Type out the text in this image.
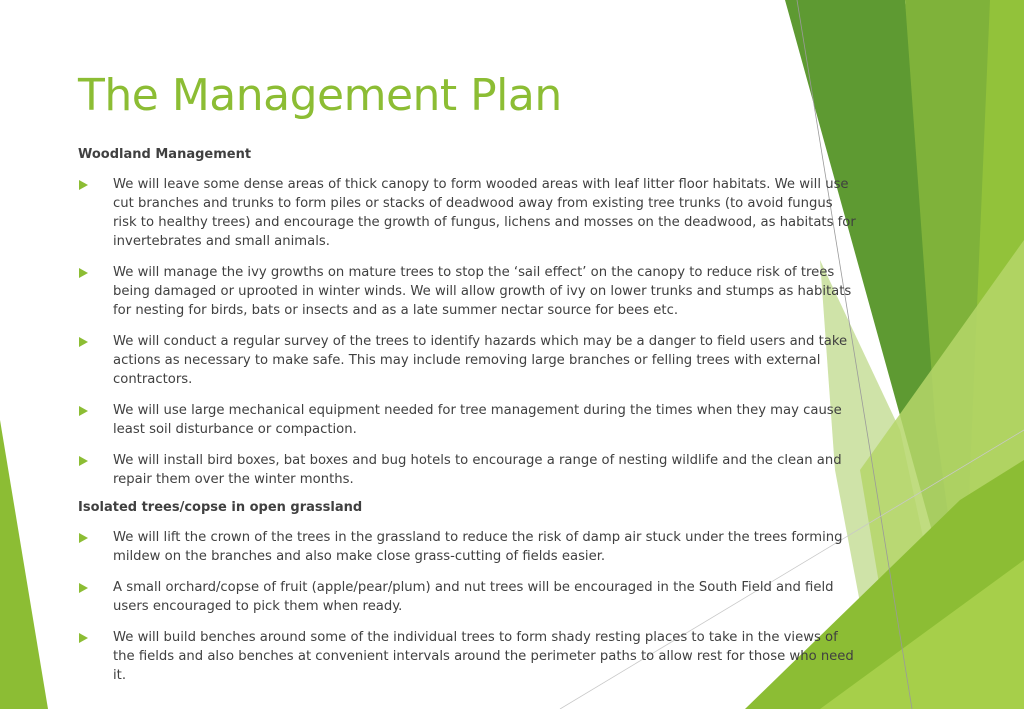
The Management Plan
Woodland Management
We will leave some dense areas of thick canopy to form wooded areas with leaf litter floor habitats. We will use cut branches and trunks to form piles or stacks of deadwood away from existing tree trunks (to avoid fungus risk to healthy trees) and encourage the growth of fungus, lichens and mosses on the deadwood, as habitats for invertebrates and small animals.
We will manage the ivy growths on mature trees to stop the ‘sail effect’ on the canopy to reduce risk of trees being damaged or uprooted in winter winds. We will allow growth of ivy on lower trunks and stumps as habitats for nesting for birds, bats or insects and as a late summer nectar source for bees etc.
We will conduct a regular survey of the trees to identify hazards which may be a danger to field users and take actions as necessary to make safe. This may include removing large branches or felling trees with external contractors.
We will use large mechanical equipment needed for tree management during the times when they may cause least soil disturbance or compaction.
We will install bird boxes, bat boxes and bug hotels to encourage a range of nesting wildlife and the clean and repair them over the winter months.
Isolated trees/copse in open grassland
We will lift the crown of the trees in the grassland to reduce the risk of damp air stuck under the trees forming mildew on the branches and also make close grass-cutting of fields easier.
A small orchard/copse of fruit (apple/pear/plum) and nut trees will be encouraged in the South Field and field users encouraged to pick them when ready.
We will build benches around some of the individual trees to form shady resting places to take in the views of the fields and also benches at convenient intervals around the perimeter paths to allow rest for those who need it.
